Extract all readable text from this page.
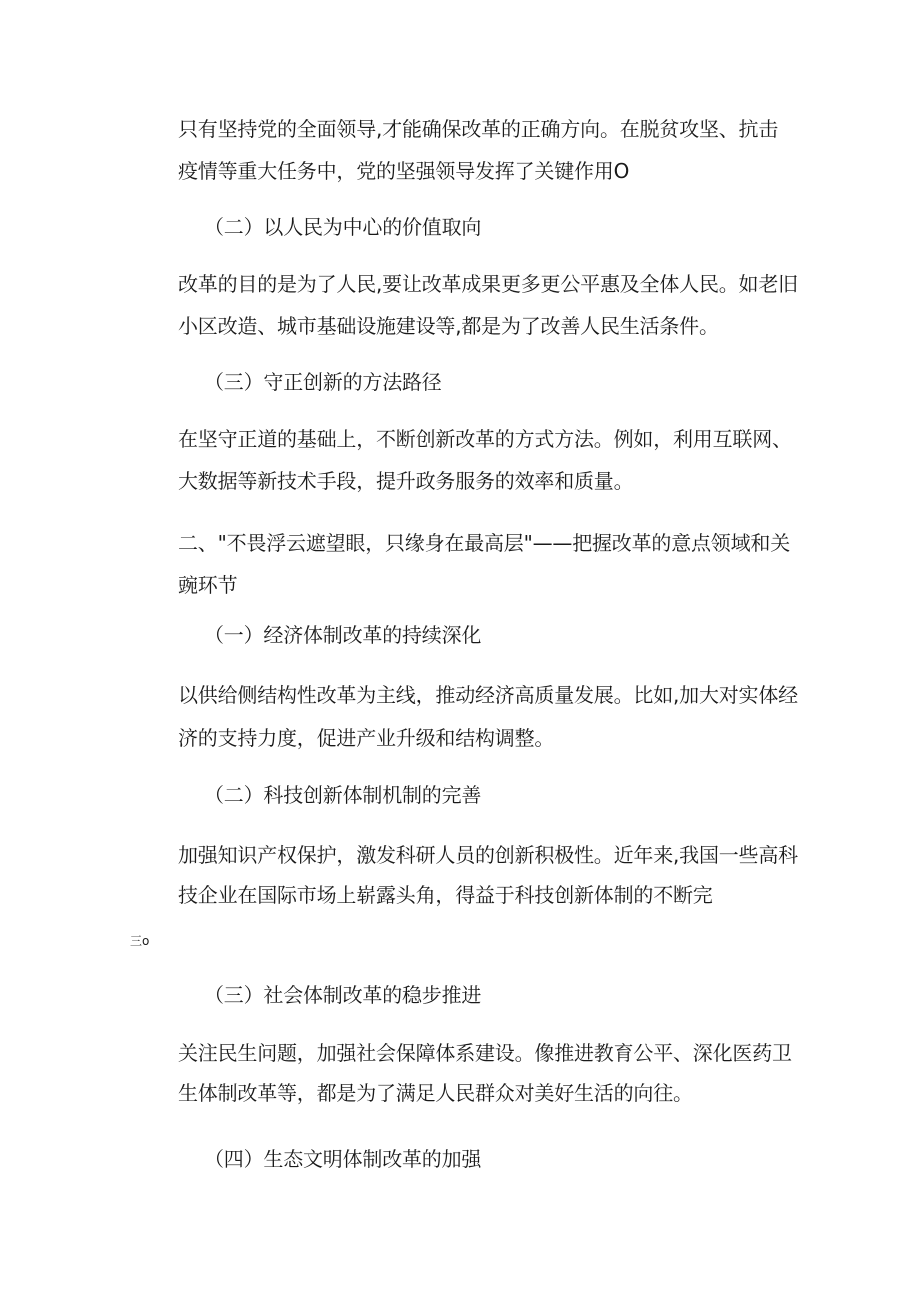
只有坚持党的全面领导,才能确保改革的正确方向。在脱贫攻坚、抗击
疫情等重大任务中，党的坚强领导发挥了关键作用O
（二）以人民为中心的价值取向
改革的目的是为了人民,要让改革成果更多更公平惠及全体人民。如老旧
小区改造、城市基础设施建设等,都是为了改善人民生活条件。
（三）守正创新的方法路径
在坚守正道的基础上，不断创新改革的方式方法。例如，利用互联网、
大数据等新技术手段，提升政务服务的效率和质量。
二、"不畏浮云遮望眼，只缘身在最高层"——把握改革的意点领域和关
豌环节
（一）经济体制改革的持续深化
以供给侧结构性改革为主线，推动经济高质量发展。比如,加大对实体经
济的支持力度，促进产业升级和结构调整。
（二）科技创新体制机制的完善
加强知识产权保护，激发科研人员的创新积极性。近年来,我国一些高科
技企业在国际市场上崭露头角，得益于科技创新体制的不断完
三o
（三）社会体制改革的稳步推进
关注民生问题，加强社会保障体系建设。像推进教育公平、深化医药卫
生体制改革等，都是为了满足人民群众对美好生活的向往。
（四）生态文明体制改革的加强
